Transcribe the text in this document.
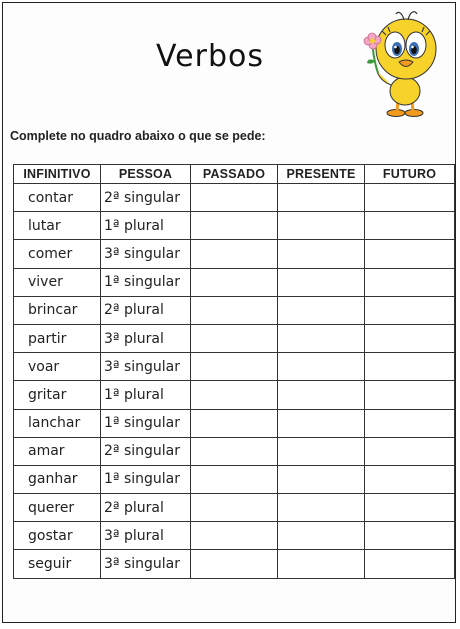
Verbos
Complete no quadro abaixo o que se pede:
INFINITIVO	PESSOA	PASSADO	PRESENTE	FUTURO
contar	2ª singular			
lutar	1ª plural			
comer	3ª singular			
viver	1ª singular			
brincar	2ª plural			
partir	3ª plural			
voar	3ª singular			
gritar	1ª plural			
lanchar	1ª singular			
amar	2ª singular			
ganhar	1ª singular			
querer	2ª plural			
gostar	3ª plural			
seguir	3ª singular			
